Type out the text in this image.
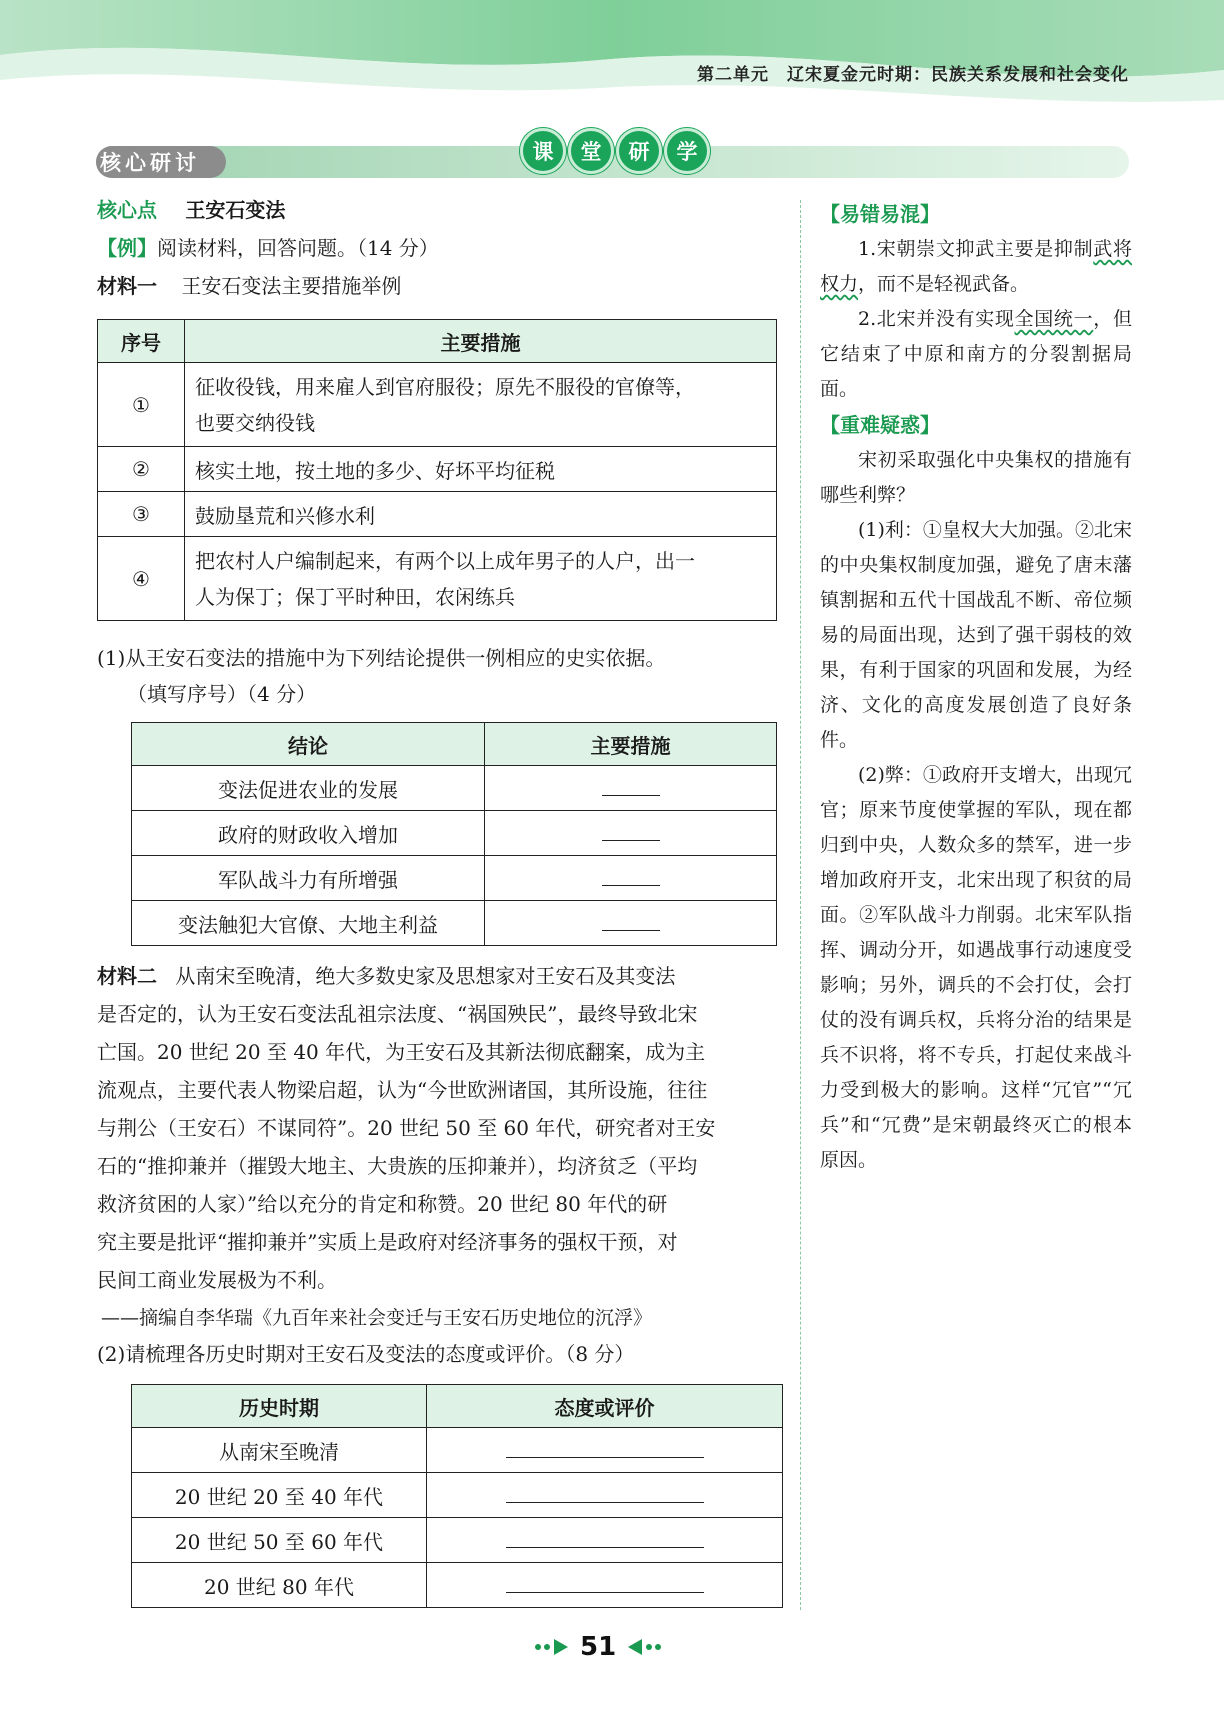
第二单元　辽宋夏金元时期：民族关系发展和社会变化
核心研讨	课	堂	研	学
核心点 王安石变法
【例】阅读材料，回答问题。（14 分）
材料一 王安石变法主要措施举例
序号	主要措施
①	征收役钱，用来雇人到官府服役；原先不服役的官僚等，
也要交纳役钱

②	核实土地，按土地的多少、好坏平均征税

③	鼓励垦荒和兴修水利

④	把农村人户编制起来，有两个以上成年男子的人户，出一
人为保丁；保丁平时种田，农闲练兵
(1)从王安石变法的措施中为下列结论提供一例相应的史实依据。
（填写序号）（4 分）
结论	主要措施
变法促进农业的发展	
政府的财政收入增加	
军队战斗力有所增强	
变法触犯大官僚、大地主利益	
材料二 从南宋至晚清，绝大多数史家及思想家对王安石及其变法
是否定的，认为王安石变法乱祖宗法度、“祸国殃民”，最终导致北宋
亡国。20 世纪 20 至 40 年代，为王安石及其新法彻底翻案，成为主
流观点，主要代表人物梁启超，认为“今世欧洲诸国，其所设施，往往
与荆公（王安石）不谋同符”。20 世纪 50 至 60 年代，研究者对王安
石的“推抑兼并（摧毁大地主、大贵族的压抑兼并），均济贫乏（平均
救济贫困的人家）”给以充分的肯定和称赞。20 世纪 80 年代的研
究主要是批评“摧抑兼并”实质上是政府对经济事务的强权干预，对
民间工商业发展极为不利。
——摘编自李华瑞《九百年来社会变迁与王安石历史地位的沉浮》
(2)请梳理各历史时期对王安石及变法的态度或评价。（8 分）
历史时期	态度或评价
从南宋至晚清	
20 世纪 20 至 40 年代	
20 世纪 50 至 60 年代	
20 世纪 80 年代	

【易错易混】

1.宋朝崇文抑武主要是抑制武将权力，而不是轻视武备。

2.北宋并没有实现全国统一，但它结束了中原和南方的分裂割据局面。

【重难疑惑】

宋初采取强化中央集权的措施有哪些利弊？

(1)利：①皇权大大加强。②北宋的中央集权制度加强，避免了唐末藩镇割据和五代十国战乱不断、帝位频易的局面出现，达到了强干弱枝的效果，有利于国家的巩固和发展，为经济、文化的高度发展创造了良好条件。

(2)弊：①政府开支增大，出现冗官；原来节度使掌握的军队，现在都归到中央，人数众多的禁军，进一步增加政府开支，北宋出现了积贫的局面。②军队战斗力削弱。北宋军队指挥、调动分开，如遇战事行动速度受影响；另外，调兵的不会打仗，会打仗的没有调兵权，兵将分治的结果是兵不识将，将不专兵，打起仗来战斗力受到极大的影响。这样“冗官”“冗兵”和“冗费”是宋朝最终灭亡的根本原因。

51
